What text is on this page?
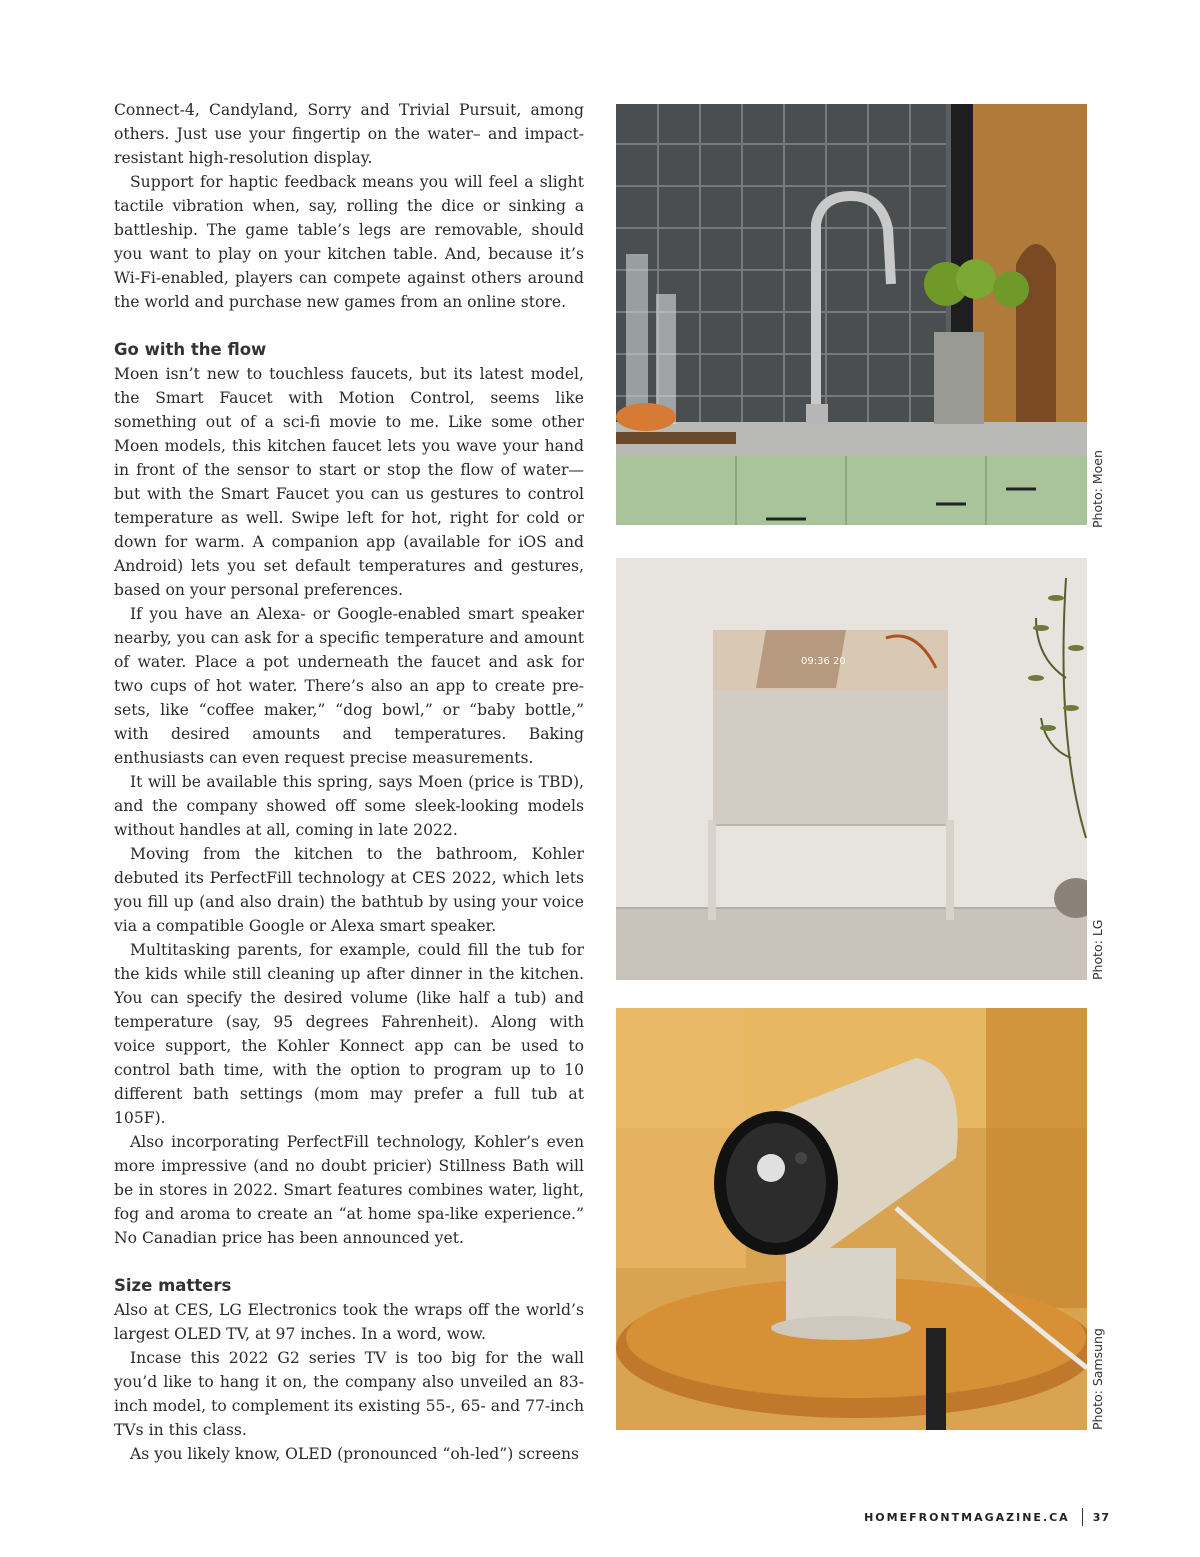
Connect-4, Candyland, Sorry and Trivial Pursuit, among others. Just use your fingertip on the water– and impact-resistant high-resolution display.

Support for haptic feedback means you will feel a slight tactile vibration when, say, rolling the dice or sinking a battleship. The game table’s legs are removable, should you want to play on your kitchen table. And, because it’s Wi-Fi-enabled, players can compete against others around the world and purchase new games from an online store.

Go with the flow

Moen isn’t new to touchless faucets, but its latest model, the Smart Faucet with Motion Control, seems like something out of a sci-fi movie to me. Like some other Moen models, this kitchen faucet lets you wave your hand in front of the sensor to start or stop the flow of water—but with the Smart Faucet you can us gestures to control temperature as well. Swipe left for hot, right for cold or down for warm. A companion app (available for iOS and Android) lets you set default temperatures and gestures, based on your personal preferences.

If you have an Alexa- or Google-enabled smart speaker nearby, you can ask for a specific temperature and amount of water. Place a pot underneath the faucet and ask for two cups of hot water. There’s also an app to create pre-sets, like “coffee maker,” “dog bowl,” or “baby bottle,” with desired amounts and temperatures. Baking enthusiasts can even request precise measurements.

It will be available this spring, says Moen (price is TBD), and the company showed off some sleek-looking models without handles at all, coming in late 2022.

Moving from the kitchen to the bathroom, Kohler debuted its PerfectFill technology at CES 2022, which lets you fill up (and also drain) the bathtub by using your voice via a compatible Google or Alexa smart speaker.

Multitasking parents, for example, could fill the tub for the kids while still cleaning up after dinner in the kitchen. You can specify the desired volume (like half a tub) and temperature (say, 95 degrees Fahrenheit). Along with voice support, the Kohler Konnect app can be used to control bath time, with the option to program up to 10 different bath settings (mom may prefer a full tub at 105F).

Also incorporating PerfectFill technology, Kohler’s even more impressive (and no doubt pricier) Stillness Bath will be in stores in 2022. Smart features combines water, light, fog and aroma to create an “at home spa-like experience.” No Canadian price has been announced yet.

Size matters

Also at CES, LG Electronics took the wraps off the world’s largest OLED TV, at 97 inches. In a word, wow.

Incase this 2022 G2 series TV is too big for the wall you’d like to hang it on, the company also unveiled an 83-inch model, to complement its existing 55-, 65- and 77-inch TVs in this class.

As you likely know, OLED (pronounced “oh-led”) screens

Photo: Moen
09:36 20
Photo: LG
Photo: Samsung
HOMEFRONTMAGAZINE.CA 37
